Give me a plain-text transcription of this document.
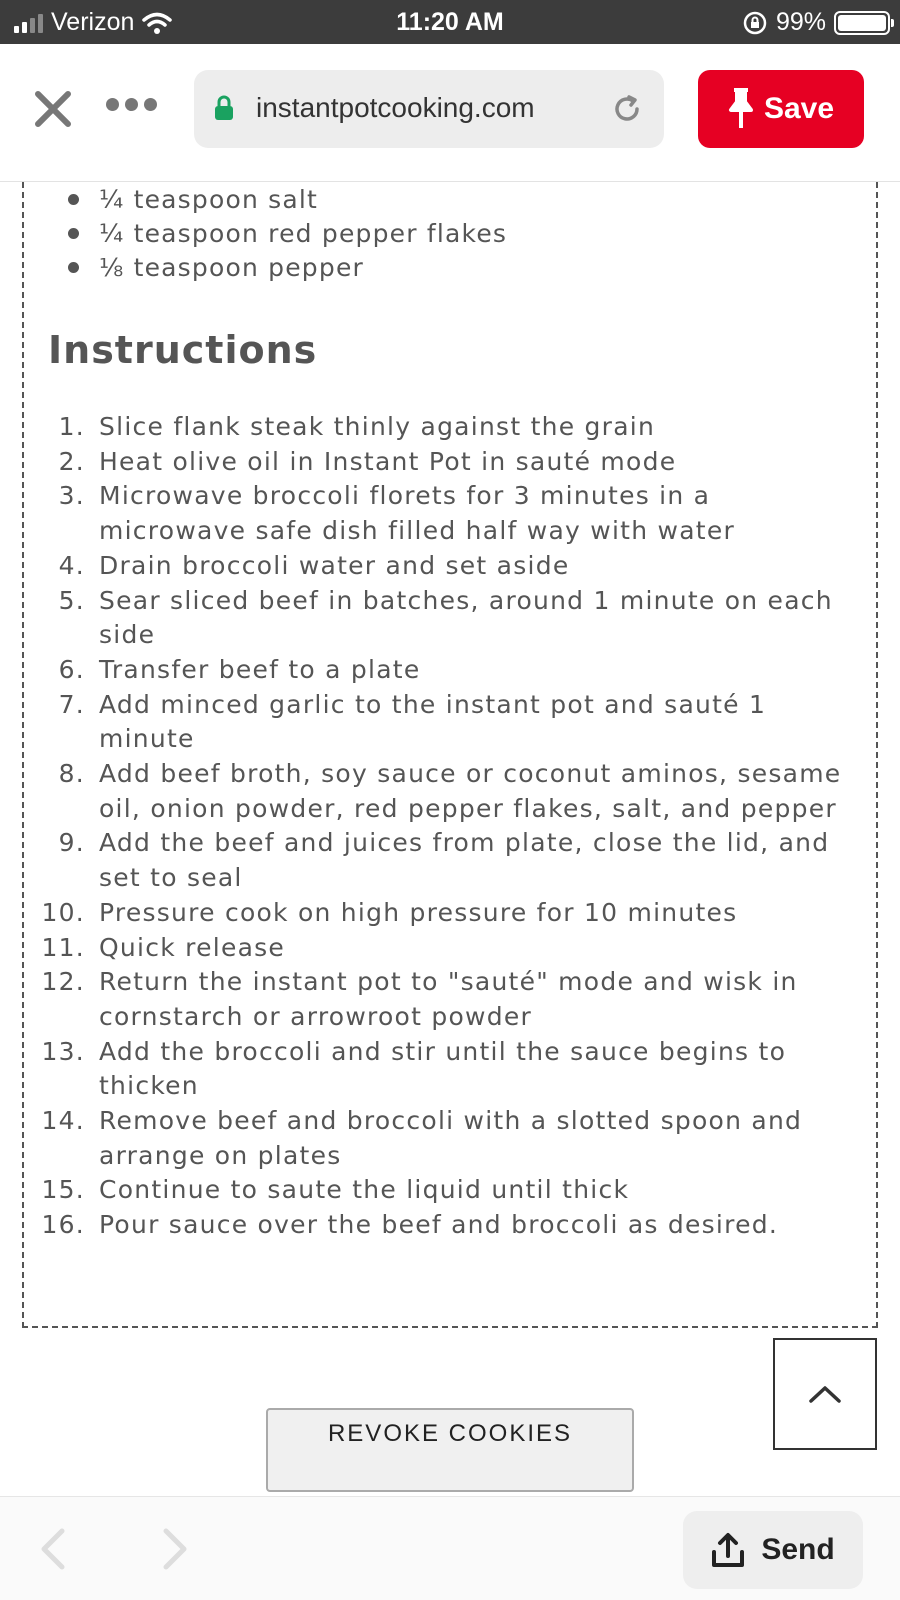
Verizon	11:20 AM	99%
instantpotcooking.com	Save
¼ teaspoon salt
¼ teaspoon red pepper flakes
⅛ teaspoon pepper
Instructions
1. Slice flank steak thinly against the grain
2. Heat olive oil in Instant Pot in sauté mode
3. Microwave broccoli florets for 3 minutes in a microwave safe dish filled half way with water
4. Drain broccoli water and set aside
5. Sear sliced beef in batches, around 1 minute on each side
6. Transfer beef to a plate
7. Add minced garlic to the instant pot and sauté 1 minute
8. Add beef broth, soy sauce or coconut aminos, sesame oil, onion powder, red pepper flakes, salt, and pepper
9. Add the beef and juices from plate, close the lid, and set to seal
10. Pressure cook on high pressure for 10 minutes
11. Quick release
12. Return the instant pot to "sauté" mode and wisk in cornstarch or arrowroot powder
13. Add the broccoli and stir until the sauce begins to thicken
14. Remove beef and broccoli with a slotted spoon and arrange on plates
15. Continue to saute the liquid until thick
16. Pour sauce over the beef and broccoli as desired.
REVOKE COOKIES
Send
